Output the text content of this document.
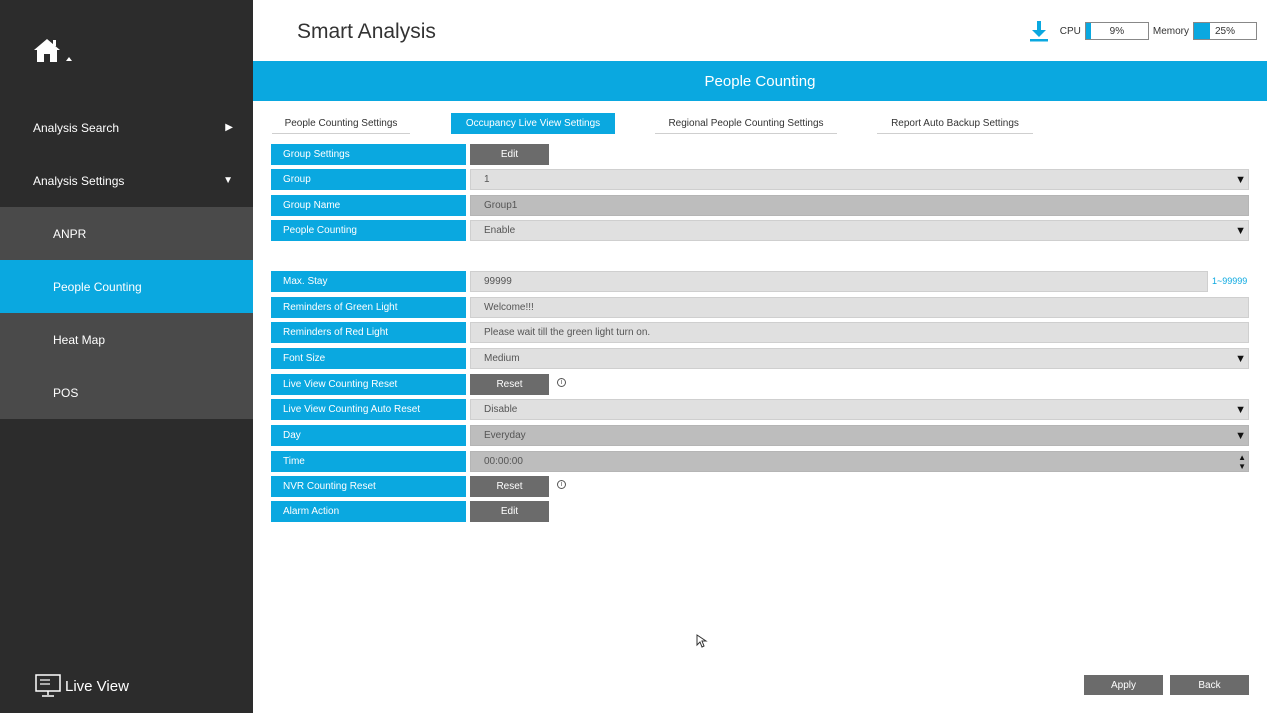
Analysis Search	▶
Analysis Settings	▼
ANPR
People Counting
Heat Map
POS
Live View
Smart Analysis	CPU	9%	Memory	25%
People Counting
People Counting Settings	Occupancy Live View Settings	Regional People Counting Settings	Report Auto Backup Settings
Group Settings	Edit
Group	1	▼
Group Name	Group1
People Counting	Enable	▼
Max. Stay	99999	1~99999
Reminders of Green Light	Welcome!!!
Reminders of Red Light	Please wait till the green light turn on.
Font Size	Medium	▼
Live View Counting Reset	Reset	i
Live View Counting Auto Reset	Disable	▼
Day	Everyday	▼
Time	00:00:00	▲
▼
NVR Counting Reset	Reset	i
Alarm Action	Edit
Apply	Back
